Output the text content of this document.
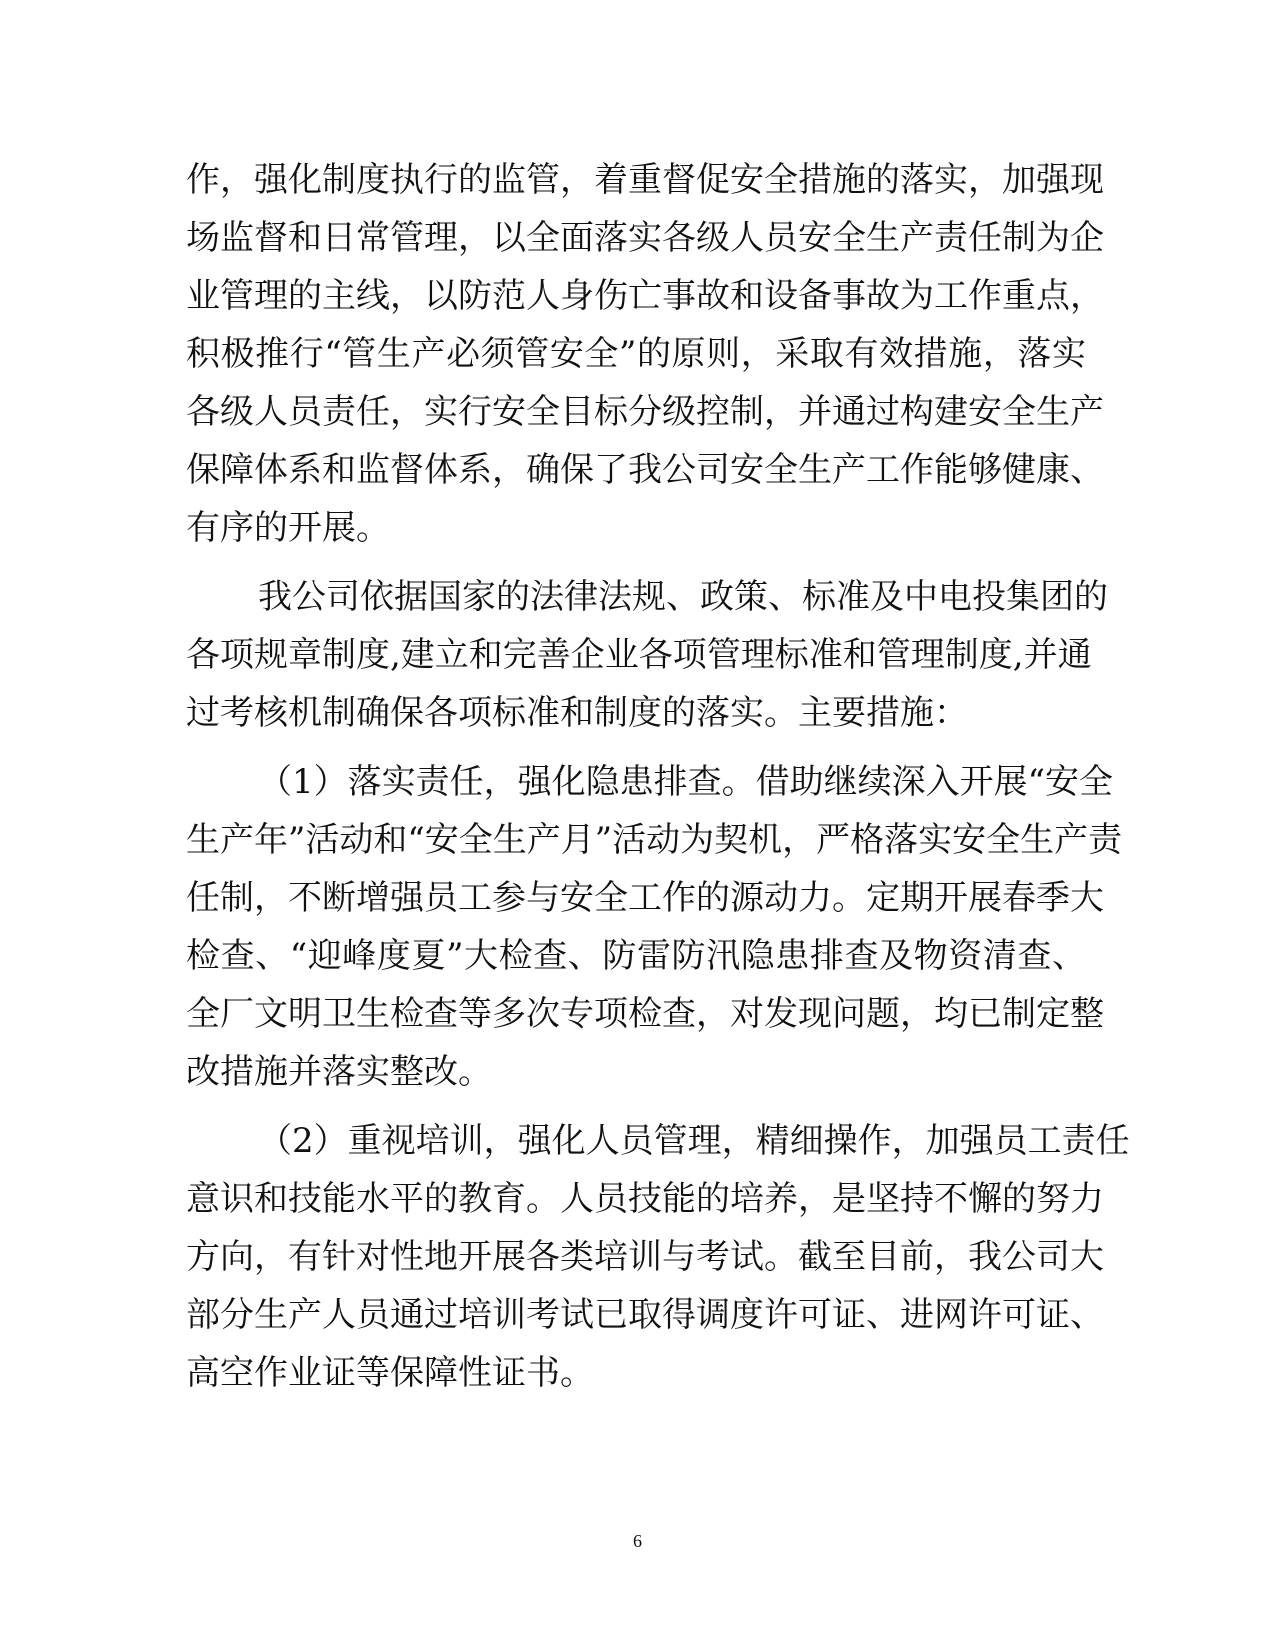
作，强化制度执行的监管，着重督促安全措施的落实，加强现
场监督和日常管理，以全面落实各级人员安全生产责任制为企
业管理的主线，以防范人身伤亡事故和设备事故为工作重点，
积极推行“管生产必须管安全”的原则，采取有效措施，落实
各级人员责任，实行安全目标分级控制，并通过构建安全生产
保障体系和监督体系，确保了我公司安全生产工作能够健康、
有序的开展。
我公司依据国家的法律法规、政策、标准及中电投集团的
各项规章制度,建立和完善企业各项管理标准和管理制度,并通
过考核机制确保各项标准和制度的落实。主要措施：
（1）落实责任，强化隐患排查。借助继续深入开展“安全
生产年”活动和“安全生产月”活动为契机，严格落实安全生产责
任制，不断增强员工参与安全工作的源动力。定期开展春季大
检查、“迎峰度夏”大检查、防雷防汛隐患排查及物资清查、
全厂文明卫生检查等多次专项检查，对发现问题，均已制定整
改措施并落实整改。
（2）重视培训，强化人员管理，精细操作，加强员工责任
意识和技能水平的教育。人员技能的培养，是坚持不懈的努力
方向，有针对性地开展各类培训与考试。截至目前，我公司大
部分生产人员通过培训考试已取得调度许可证、进网许可证、
高空作业证等保障性证书。
6
